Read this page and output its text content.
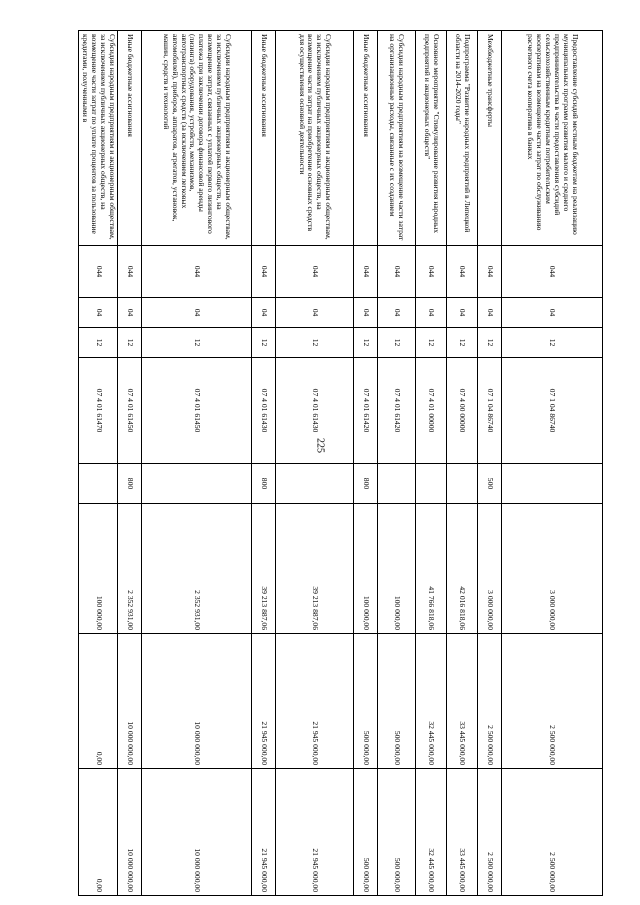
225
Предоставление субсидий местным бюджетам на реализацию муниципальных программ развития малого и среднего предпринимательства в части предоставления субсидий сельскохозяйственным кредитным потребительским кооперативам на возмещение части затрат по обслуживанию расчетного счета кооператива в банках	044	04	12	07 1 04 86740		3 000 000,00	2 500 000,00	2 500 000,00
Межбюджетные трансферты	044	04	12	07 1 04 86740	500	3 000 000,00	2 500 000,00	2 500 000,00
Подпрограмма "Развитие народных предприятий в Липецкой области на 2014-2020 годы"	044	04	12	07 4 00 00000		42 016 818,06	33 445 000,00	33 445 000,00
Основное мероприятие "Стимулирование развития народных предприятий и акционерных обществ"	044	04	12	07 4 01 00000		41 766 818,06	32 445 000,00	32 445 000,00
Субсидии народным предприятиям на возмещение части затрат на организационные расходы, связанные с их созданием	044	04	12	07 4 01 61420		100 000,00	500 000,00	500 000,00
Иные бюджетные ассигнования	044	04	12	07 4 01 61420	800	100 000,00	500 000,00	500 000,00
Субсидии народным предприятиям и акционерным обществам, за исключением публичных акционерных обществ, на возмещение части затрат на приобретение основных средств для осуществления основной деятельности	044	04	12	07 4 01 61430		39 213 887,06	21 945 000,00	21 945 000,00
Иные бюджетные ассигнования	044	04	12	07 4 01 61430	800	39 213 887,06	21 945 000,00	21 945 000,00
Субсидии народным предприятиям и акционерным обществам, за исключением публичных акционерных обществ, на возмещение затрат, связанных с уплатой первого лизингового платежа при заключении договора финансовой аренды (лизинга) оборудования, устройств, механизмов, автотранспортных средств (за исключением легковых автомобилей), приборов, аппаратов, агрегатов, установок, машин, средств и технологий	044	04	12	07 4 01 61450		2 352 931,00	10 000 000,00	10 000 000,00
Иные бюджетные ассигнования	044	04	12	07 4 01 61450	800	2 352 931,00	10 000 000,00	10 000 000,00
Субсидии народным предприятиям и акционерным обществам, за исключением публичных акционерных обществ, на возмещение части затрат по уплате процентов за пользование кредитами, полученными в	044	04	12	07 4 01 61470		100 000,00	0,00	0,00
